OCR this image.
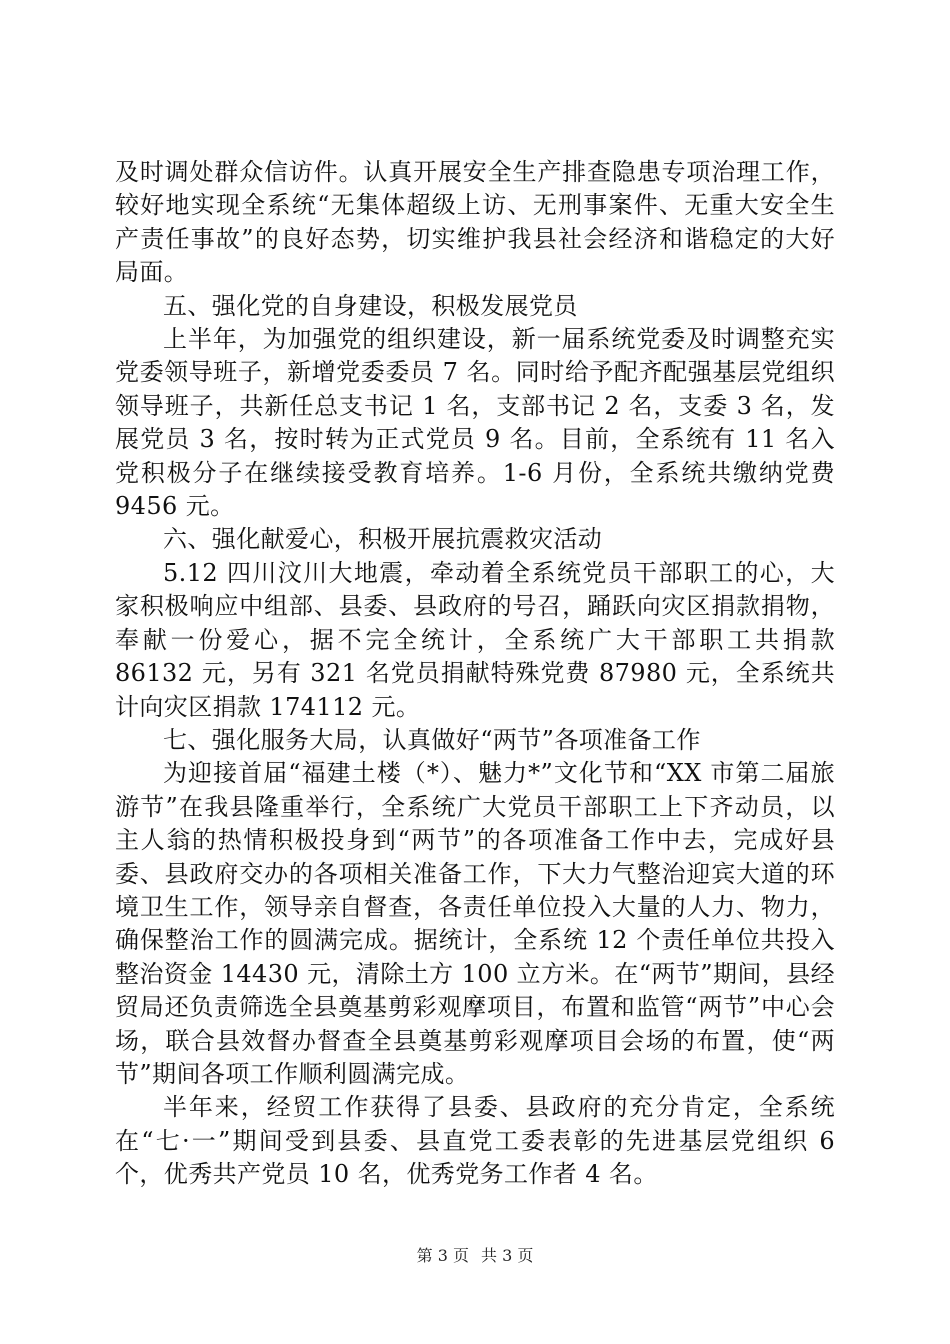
及时调处群众信访件。认真开展安全生产排查隐患专项治理工作，较好地实现全系统“无集体超级上访、无刑事案件、无重大安全生产责任事故”的良好态势，切实维护我县社会经济和谐稳定的大好局面。

五、强化党的自身建设，积极发展党员

上半年，为加强党的组织建设，新一届系统党委及时调整充实党委领导班子，新增党委委员 7 名。同时给予配齐配强基层党组织领导班子，共新任总支书记 1 名，支部书记 2 名，支委 3 名，发展党员 3 名，按时转为正式党员 9 名。目前，全系统有 11 名入党积极分子在继续接受教育培养。1-6 月份，全系统共缴纳党费 9456 元。

六、强化献爱心，积极开展抗震救灾活动

5.12 四川汶川大地震，牵动着全系统党员干部职工的心，大家积极响应中组部、县委、县政府的号召，踊跃向灾区捐款捐物，奉献一份爱心，据不完全统计，全系统广大干部职工共捐款 86132 元，另有 321 名党员捐献特殊党费 87980 元，全系统共计向灾区捐款 174112 元。

七、强化服务大局，认真做好“两节”各项准备工作

为迎接首届“福建土楼（*）、魅力*”文化节和“XX 市第二届旅游节”在我县隆重举行，全系统广大党员干部职工上下齐动员，以主人翁的热情积极投身到“两节”的各项准备工作中去，完成好县委、县政府交办的各项相关准备工作，下大力气整治迎宾大道的环境卫生工作，领导亲自督查，各责任单位投入大量的人力、物力，确保整治工作的圆满完成。据统计，全系统 12 个责任单位共投入整治资金 14430 元，清除土方 100 立方米。在“两节”期间，县经贸局还负责筛选全县奠基剪彩观摩项目，布置和监管“两节”中心会场，联合县效督办督查全县奠基剪彩观摩项目会场的布置，使“两节”期间各项工作顺利圆满完成。

半年来，经贸工作获得了县委、县政府的充分肯定，全系统在“七·一”期间受到县委、县直党工委表彰的先进基层党组织 6 个，优秀共产党员 10 名，优秀党务工作者 4 名。

第 3 页 共 3 页
